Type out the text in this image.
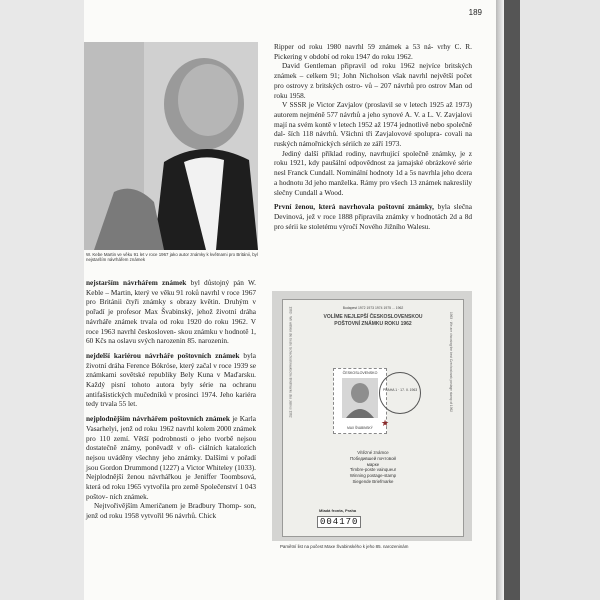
189
W. Kebe Martin ve věku 91 let v roce 1967 jako autor známky k květnami pro Británii, byl nejstarším návrhářem známek

nejstarším návrhářem známek byl důstojný pán W. Keble – Martin, který ve věku 91 roků navrhl v roce 1967 pro Británii čtyři známky s obrazy květin. Druhým v pořadí je profesor Max Švabinský, jehož životní dráha návrháře známek trvala od roku 1920 do roku 1962. V roce 1963 navrhl českosloven- skou známku v hodnotě 1, 60 Kčs na oslavu svých narozenin 85. narozenin.

nejdelší kariérou návrháře poštovních známek byla životní dráha Ference Bókróse, který začal v roce 1939 se známkami sovětské republiky Bely Kuna v Maďarsku. Každý pisní tohoto autora byly série na ochranu antifašistických mučedníků v prosinci 1974. Jeho kariéra tedy trvala 55 let.

nejplodnějším návrhářem poštovních známek je Karla Vasarhelyi, jenž od roku 1962 navrhl kolem 2000 známek pro 110 zemí. Větší podrobnosti o jeho tvorbě nejsou dostatečně známy, poněvadž v ofi- ciálních katalozích nejsou uváděny všechny jeho známky. Dalšími v pořadí jsou Gordon Drummond (1227) a Victor Whiteley (1033). Nejplodnější ženou návrhářkou je Jeniffer Toombsová, která od roku 1965 vytvořila pro země Společenství 1 043 poštov- ních známek.

Nejtvořivějším Američanem je Bradbury Thomp- son, jenž od roku 1958 vytvořil 96 návrhů. Chick

Ripper od roku 1980 navrhl 59 známek a 53 ná- vrhy C. R. Pickering v období od roku 1947 do roku 1962.

David Gentleman připravil od roku 1962 nejvíce britských známek – celkem 91; John Nicholson však navrhl největší počet pro ostrovy z britských ostro- vů – 207 návrhů pro ostrov Man od roku 1958.

V SSSR je Victor Zavjalov (proslavil se v letech 1925 až 1973) autorem nejméně 577 návrhů a jeho synové A. V. a L. V. Zavjalovi mají na svém kontě v letech 1952 až 1974 jednotlivě nebo společně dal- ších 118 návrhů. Všichni tři Zavjalovové spolupra- covali na ruských námořnických sériích ze září 1973.

Jediný další příklad rodiny, navrhující společně známky, je z roku 1921, kdy paušální odpovědnost za jamajské obrázkové série nesl Franck Cundall. Nominální hodnoty 1d a 5s navrhla jeho dcera a hodnotu 3d jeho manželka. Rámy pro všech 13 známek nakreslily slečny Cundall a Wood.

První ženou, která navrhovala poštovní známky, byla slečna Devinová, jež v roce 1888 připravila známky v hodnotách 2d a 8d pro sérii ke stoletému výročí Nového Jižního Walesu.

Budapest 1972 1973 1974 1975 ... 1962
VOLÍME NEJLEPŠÍ ČESKOSLOVENSKOU
POŠTOVNÍ ZNÁMKU ROKU 1962
1963 · Wir wählen die beste tschechoslowakische Briefmarke des Jahres 1962	1963 · We are choosing the best Czechoslovak postage stamp of 1962
ČESKOSLOVENSKO
MAX ŠVABINSKÝ
PRAHA 1 · 17. II. 1963
★
Vítězné známce
Победившей почтовой
марке
Timbre-poste vainqueur
Winning postage-stamp
Siegende Briefmarke
Mladá fronta, Praha
004170
Pamětní list na počest Maxe Švabinského k jeho 85. narozeninám
